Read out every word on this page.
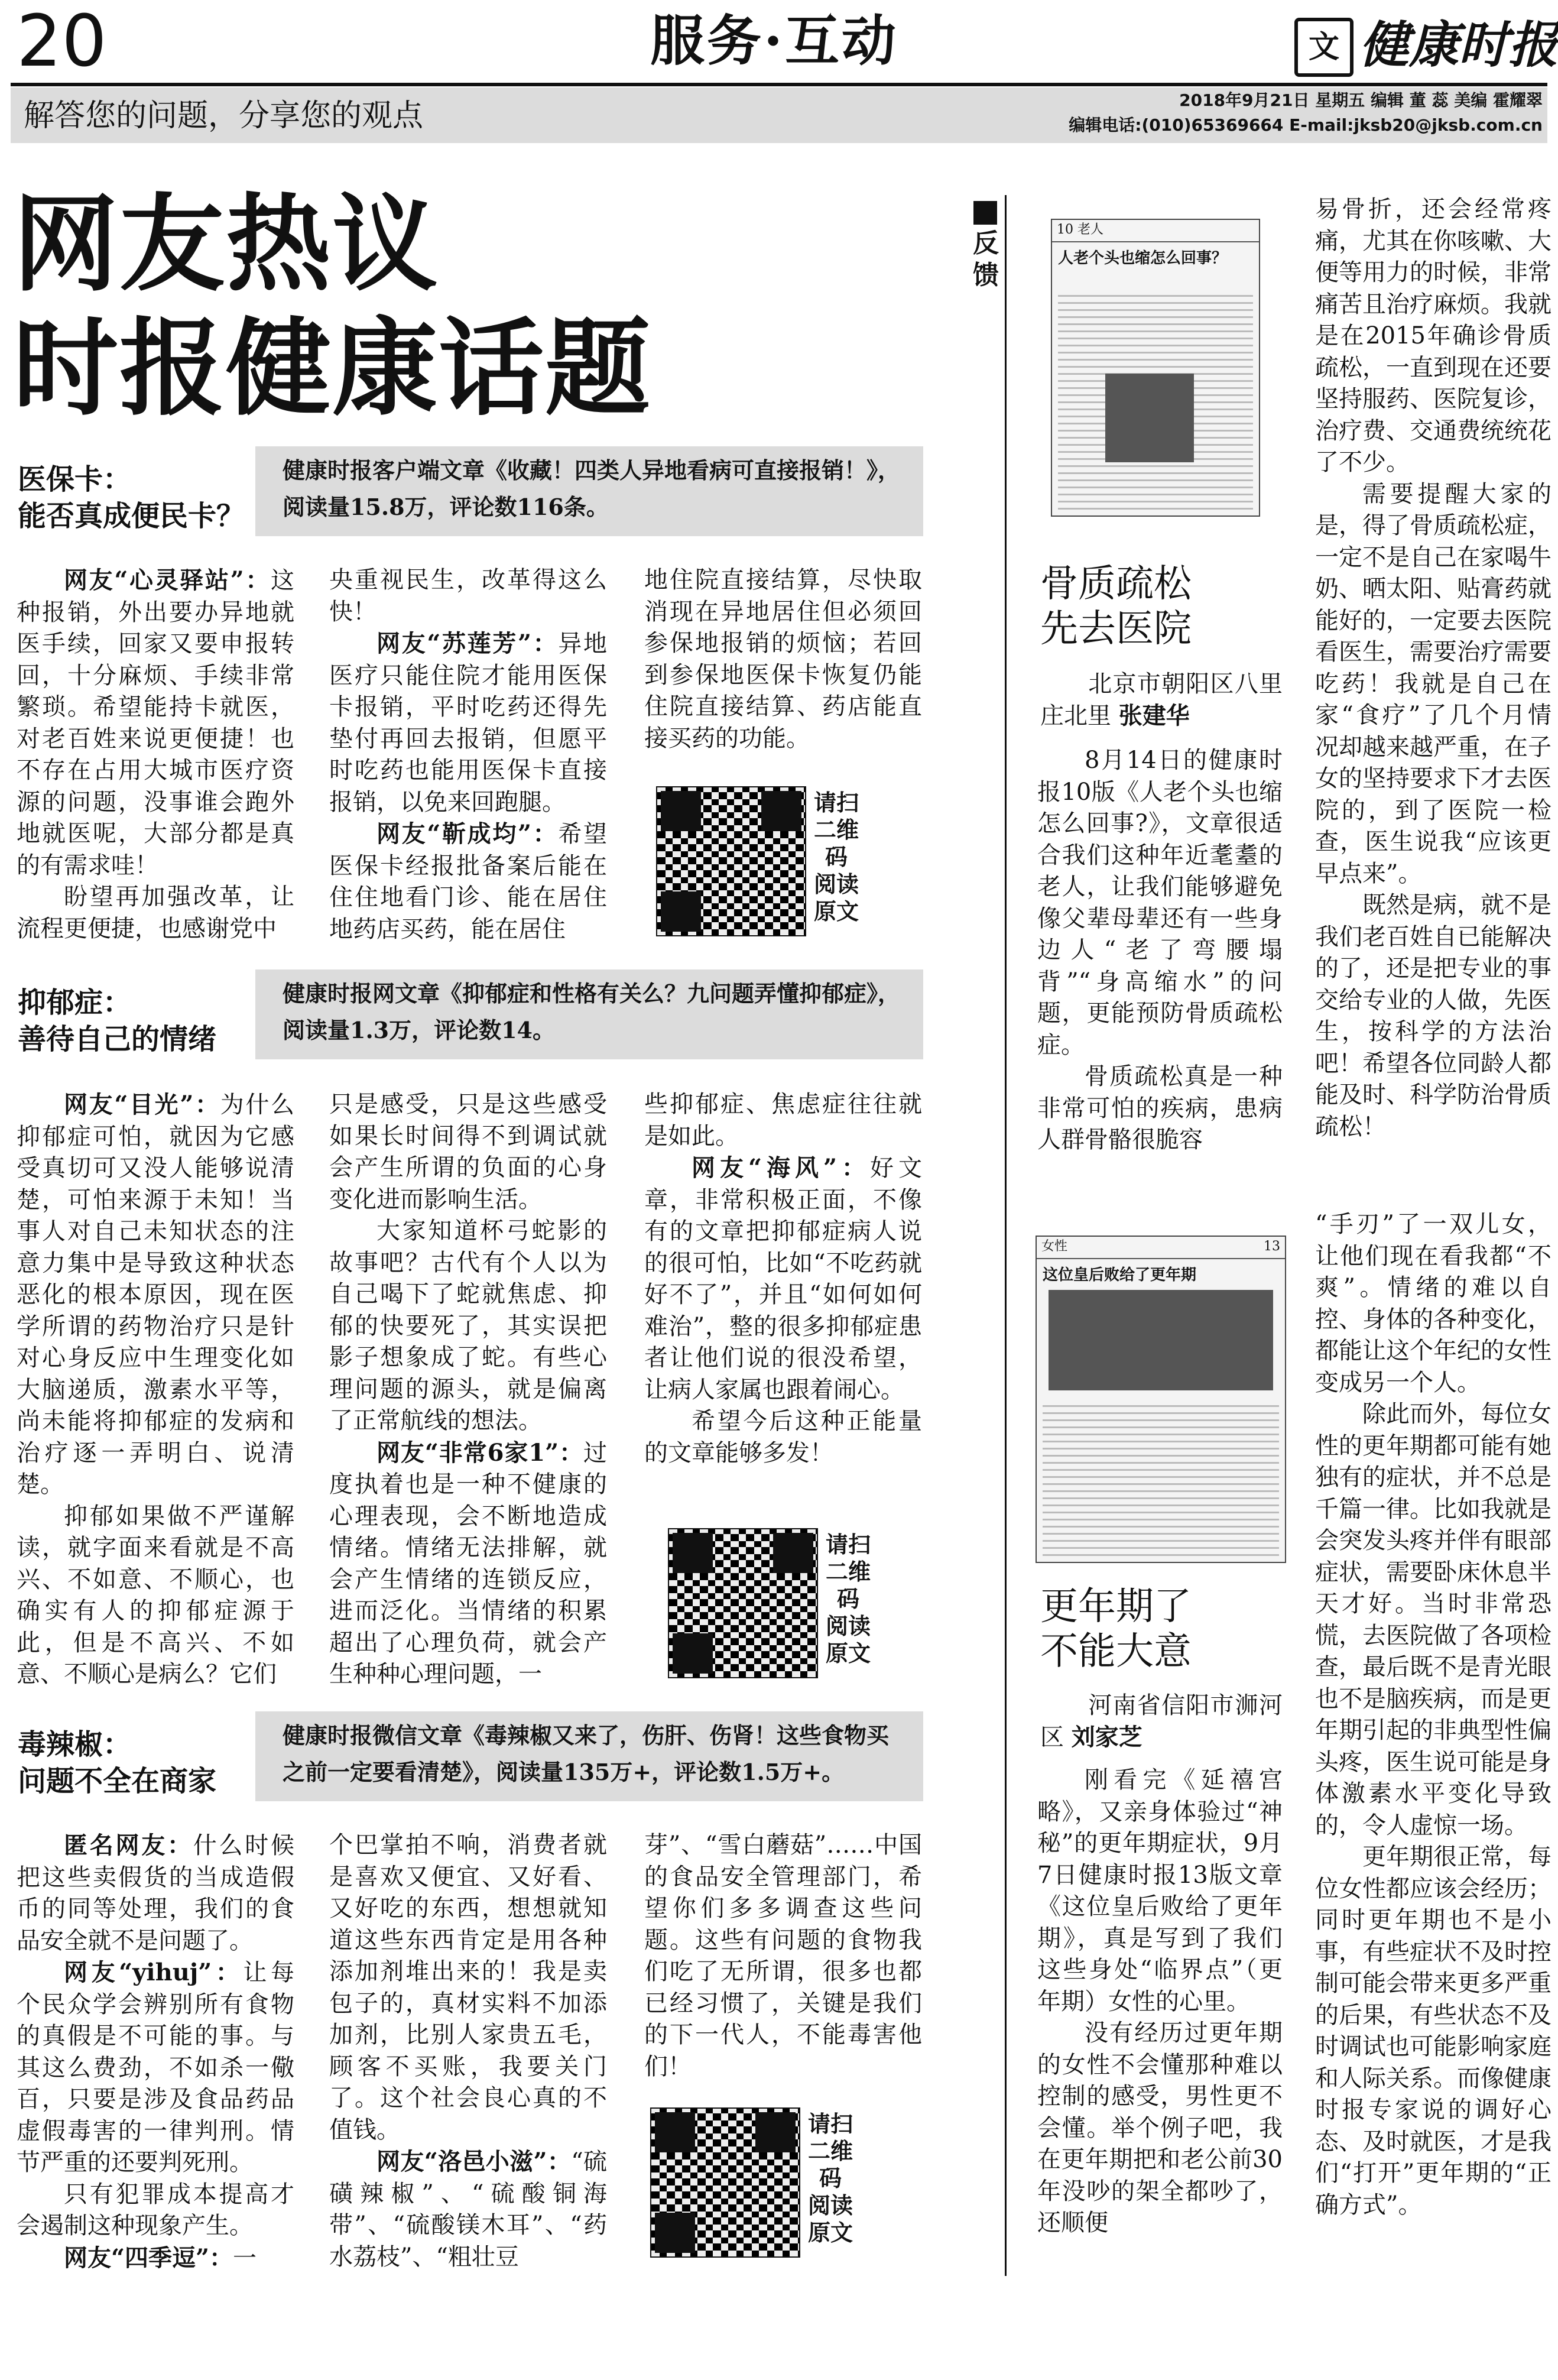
20	服务·互动	文 健康时报
解答您的问题，分享您的观点	2018年9月21日 星期五 编辑 董 蕊 美编 霍耀翠
编辑电话:(010)65369664 E-mail:jksb20@jksb.com.cn
网友热议
时报健康话题
医保卡：
能否真成便民卡？
健康时报客户端文章《收藏！四类人异地看病可直接报销！》，阅读量15.8万，评论数116条。

网友“心灵驿站”：这种报销，外出要办异地就医手续，回家又要申报转回，十分麻烦、手续非常繁琐。希望能持卡就医，对老百姓来说更便捷！也不存在占用大城市医疗资源的问题，没事谁会跑外地就医呢，大部分都是真的有需求哇！

盼望再加强改革，让流程更便捷，也感谢党中

央重视民生，改革得这么快！

网友“苏莲芳”：异地医疗只能住院才能用医保卡报销，平时吃药还得先垫付再回去报销，但愿平时吃药也能用医保卡直接报销，以免来回跑腿。

网友“靳成均”：希望医保卡经报批备案后能在住住地看门诊、能在居住地药店买药，能在居住

地住院直接结算，尽快取消现在异地居住但必须回参保地报销的烦恼；若回到参保地医保卡恢复仍能住院直接结算、药店能直接买药的功能。

请扫二维码 阅读原文
抑郁症：
善待自己的情绪
健康时报网文章《抑郁症和性格有关么？九问题弄懂抑郁症》，阅读量1.3万，评论数14。

网友“目光”：为什么抑郁症可怕，就因为它感受真切可又没人能够说清楚，可怕来源于未知！当事人对自己未知状态的注意力集中是导致这种状态恶化的根本原因，现在医学所谓的药物治疗只是针对心身反应中生理变化如大脑递质，激素水平等，尚未能将抑郁症的发病和治疗逐一弄明白、说清楚。

抑郁如果做不严谨解读，就字面来看就是不高兴、不如意、不顺心，也确实有人的抑郁症源于此，但是不高兴、不如意、不顺心是病么？它们

只是感受，只是这些感受如果长时间得不到调试就会产生所谓的负面的心身变化进而影响生活。

大家知道杯弓蛇影的故事吧？古代有个人以为自己喝下了蛇就焦虑、抑郁的快要死了，其实误把影子想象成了蛇。有些心理问题的源头，就是偏离了正常航线的想法。

网友“非常6家1”：过度执着也是一种不健康的心理表现，会不断地造成情绪。情绪无法排解，就会产生情绪的连锁反应，进而泛化。当情绪的积累超出了心理负荷，就会产生种种心理问题，一

些抑郁症、焦虑症往往就是如此。

网友“海风”：好文章，非常积极正面，不像有的文章把抑郁症病人说的很可怕，比如“不吃药就好不了”，并且“如何如何难治”，整的很多抑郁症患者让他们说的很没希望，让病人家属也跟着闹心。

希望今后这种正能量的文章能够多发！

请扫二维码 阅读原文
毒辣椒：
问题不全在商家
健康时报微信文章《毒辣椒又来了，伤肝、伤肾！这些食物买之前一定要看清楚》，阅读量135万+，评论数1.5万+。

匿名网友：什么时候把这些卖假货的当成造假币的同等处理，我们的食品安全就不是问题了。

网友“yihuj”：让每个民众学会辨别所有食物的真假是不可能的事。与其这么费劲，不如杀一儆百，只要是涉及食品药品虚假毒害的一律判刑。情节严重的还要判死刑。

只有犯罪成本提高才会遏制这种现象产生。

网友“四季逗”：一

个巴掌拍不响，消费者就是喜欢又便宜、又好看、又好吃的东西，想想就知道这些东西肯定是用各种添加剂堆出来的！我是卖包子的，真材实料不加添加剂，比别人家贵五毛，顾客不买账，我要关门了。这个社会良心真的不值钱。

网友“洛邑小滋”：“硫磺辣椒”、“硫酸铜海带”、“硫酸镁木耳”、“药水荔枝”、“粗壮豆

芽”、“雪白蘑菇”……中国的食品安全管理部门，希望你们多多调查这些问题。这些有问题的食物我们吃了无所谓，很多也都已经习惯了，关键是我们的下一代人，不能毒害他们！

请扫二维码 阅读原文
反馈
10 老人
人老个头也缩怎么回事？
骨质疏松
先去医院
北京市朝阳区八里庄北里 张建华

8月14日的健康时报10版《人老个头也缩怎么回事?》，文章很适合我们这种年近耄耋的老人，让我们能够避免像父辈母辈还有一些身边人“老了弯腰塌背”“身高缩水”的问题，更能预防骨质疏松症。

骨质疏松真是一种非常可怕的疾病，患病人群骨骼很脆容

易骨折，还会经常疼痛，尤其在你咳嗽、大便等用力的时候，非常痛苦且治疗麻烦。我就是在2015年确诊骨质疏松，一直到现在还要坚持服药、医院复诊，治疗费、交通费统统花了不少。

需要提醒大家的是，得了骨质疏松症，一定不是自己在家喝牛奶、晒太阳、贴膏药就能好的，一定要去医院看医生，需要治疗需要吃药！我就是自己在家“食疗”了几个月情况却越来越严重，在子女的坚持要求下才去医院的，到了医院一检查，医生说我“应该更早点来”。

既然是病，就不是我们老百姓自已能解决的了，还是把专业的事交给专业的人做，先医生，按科学的方法治吧！希望各位同龄人都能及时、科学防治骨质疏松！

女性	13
这位皇后败给了更年期
更年期了
不能大意
河南省信阳市浉河区 刘家芝

刚看完《延禧宫略》，又亲身体验过“神秘”的更年期症状，9月7日健康时报13版文章《这位皇后败给了更年期》，真是写到了我们这些身处“临界点”（更年期）女性的心里。

没有经历过更年期的女性不会懂那种难以控制的感受，男性更不会懂。举个例子吧，我在更年期把和老公前30年没吵的架全都吵了，还顺便

“手刃”了一双儿女，让他们现在看我都“不爽”。情绪的难以自控、身体的各种变化，都能让这个年纪的女性变成另一个人。

除此而外，每位女性的更年期都可能有她独有的症状，并不总是千篇一律。比如我就是会突发头疼并伴有眼部症状，需要卧床休息半天才好。当时非常恐慌，去医院做了各项检查，最后既不是青光眼也不是脑疾病，而是更年期引起的非典型性偏头疼，医生说可能是身体激素水平变化导致的，令人虚惊一场。

更年期很正常，每位女性都应该会经历；同时更年期也不是小事，有些症状不及时控制可能会带来更多严重的后果，有些状态不及时调试也可能影响家庭和人际关系。而像健康时报专家说的调好心态、及时就医，才是我们“打开”更年期的“正确方式”。
